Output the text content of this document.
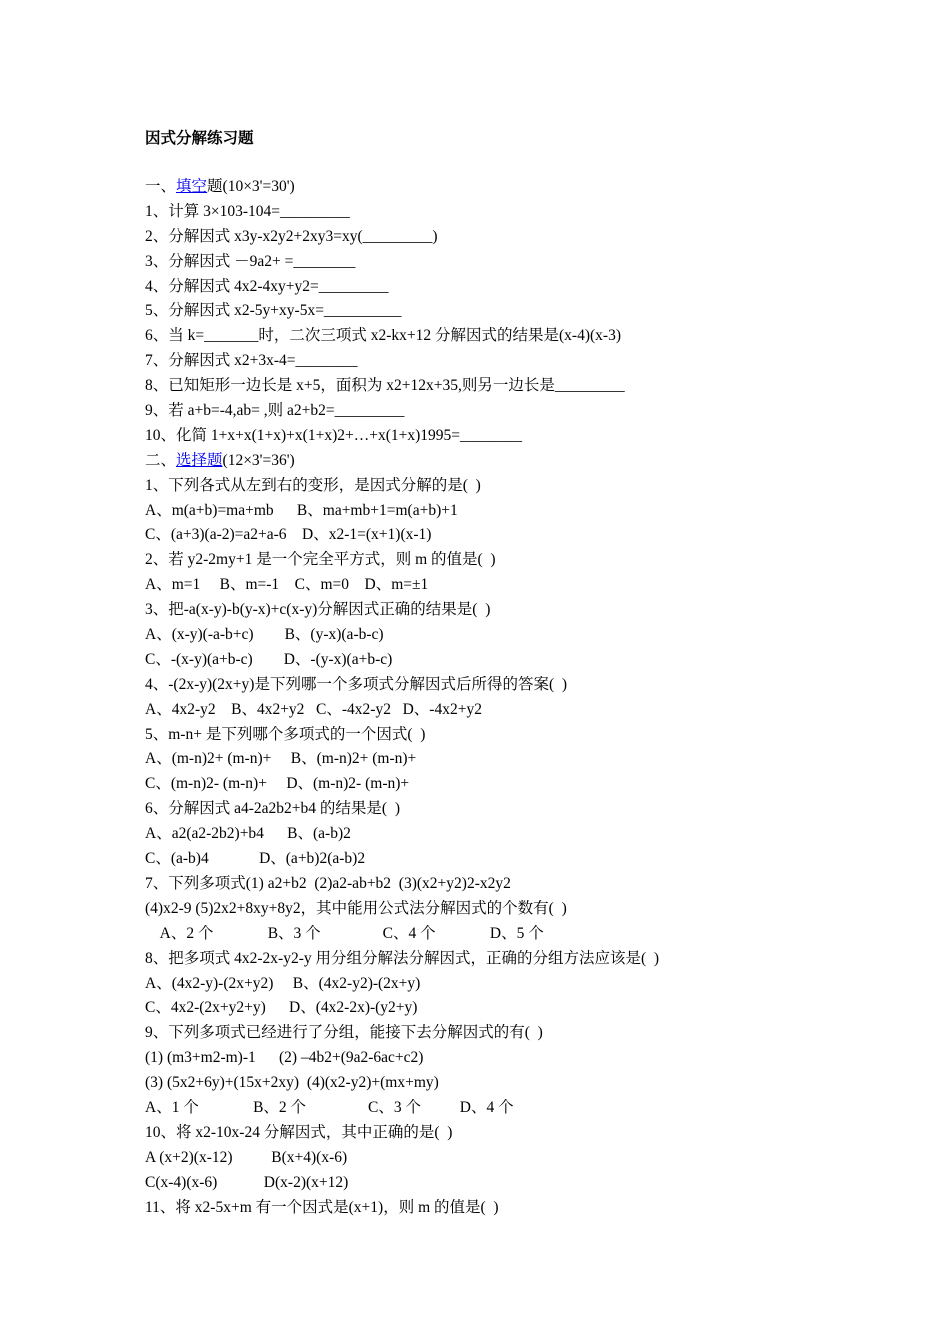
因式分解练习题
一、填空题(10×3'=30')
1、计算 3×103-104=_________
2、分解因式 x3y-x2y2+2xy3=xy(_________)
3、分解因式 －9a2+ =________
4、分解因式 4x2-4xy+y2=_________
5、分解因式 x2-5y+xy-5x=__________
6、当 k=_______时，二次三项式 x2-kx+12 分解因式的结果是(x-4)(x-3)
7、分解因式 x2+3x-4=________
8、已知矩形一边长是 x+5，面积为 x2+12x+35,则另一边长是_________
9、若 a+b=-4,ab= ,则 a2+b2=_________
10、化简 1+x+x(1+x)+x(1+x)2+…+x(1+x)1995=________
二、选择题(12×3'=36')
1、下列各式从左到右的变形，是因式分解的是(  )
A、m(a+b)=ma+mb      B、ma+mb+1=m(a+b)+1
C、(a+3)(a-2)=a2+a-6    D、x2-1=(x+1)(x-1)
2、若 y2-2my+1 是一个完全平方式，则 m 的值是(  )
A、m=1     B、m=-1    C、m=0    D、m=±1
3、把-a(x-y)-b(y-x)+c(x-y)分解因式正确的结果是(  )
A、(x-y)(-a-b+c)        B、(y-x)(a-b-c)
C、-(x-y)(a+b-c)        D、-(y-x)(a+b-c)
4、-(2x-y)(2x+y)是下列哪一个多项式分解因式后所得的答案(  )
A、4x2-y2    B、4x2+y2   C、-4x2-y2   D、-4x2+y2
5、m-n+ 是下列哪个多项式的一个因式(  )
A、(m-n)2+ (m-n)+     B、(m-n)2+ (m-n)+
C、(m-n)2- (m-n)+     D、(m-n)2- (m-n)+
6、分解因式 a4-2a2b2+b4 的结果是(  )
A、a2(a2-2b2)+b4      B、(a-b)2
C、(a-b)4             D、(a+b)2(a-b)2
7、下列多项式(1) a2+b2  (2)a2-ab+b2  (3)(x2+y2)2-x2y2
(4)x2-9 (5)2x2+8xy+8y2，其中能用公式法分解因式的个数有(  )
A、2 个              B、3 个                C、4 个              D、5 个
8、把多项式 4x2-2x-y2-y 用分组分解法分解因式，正确的分组方法应该是(  )
A、(4x2-y)-(2x+y2)     B、(4x2-y2)-(2x+y)
C、4x2-(2x+y2+y)      D、(4x2-2x)-(y2+y)
9、下列多项式已经进行了分组，能接下去分解因式的有(  )
(1) (m3+m2-m)-1      (2) –4b2+(9a2-6ac+c2)
(3) (5x2+6y)+(15x+2xy)  (4)(x2-y2)+(mx+my)
A、1 个              B、2 个                C、3 个          D、4 个
10、将 x2-10x-24 分解因式，其中正确的是(  )
A (x+2)(x-12)          B(x+4)(x-6)
C(x-4)(x-6)            D(x-2)(x+12)
11、将 x2-5x+m 有一个因式是(x+1)，则 m 的值是(  )
